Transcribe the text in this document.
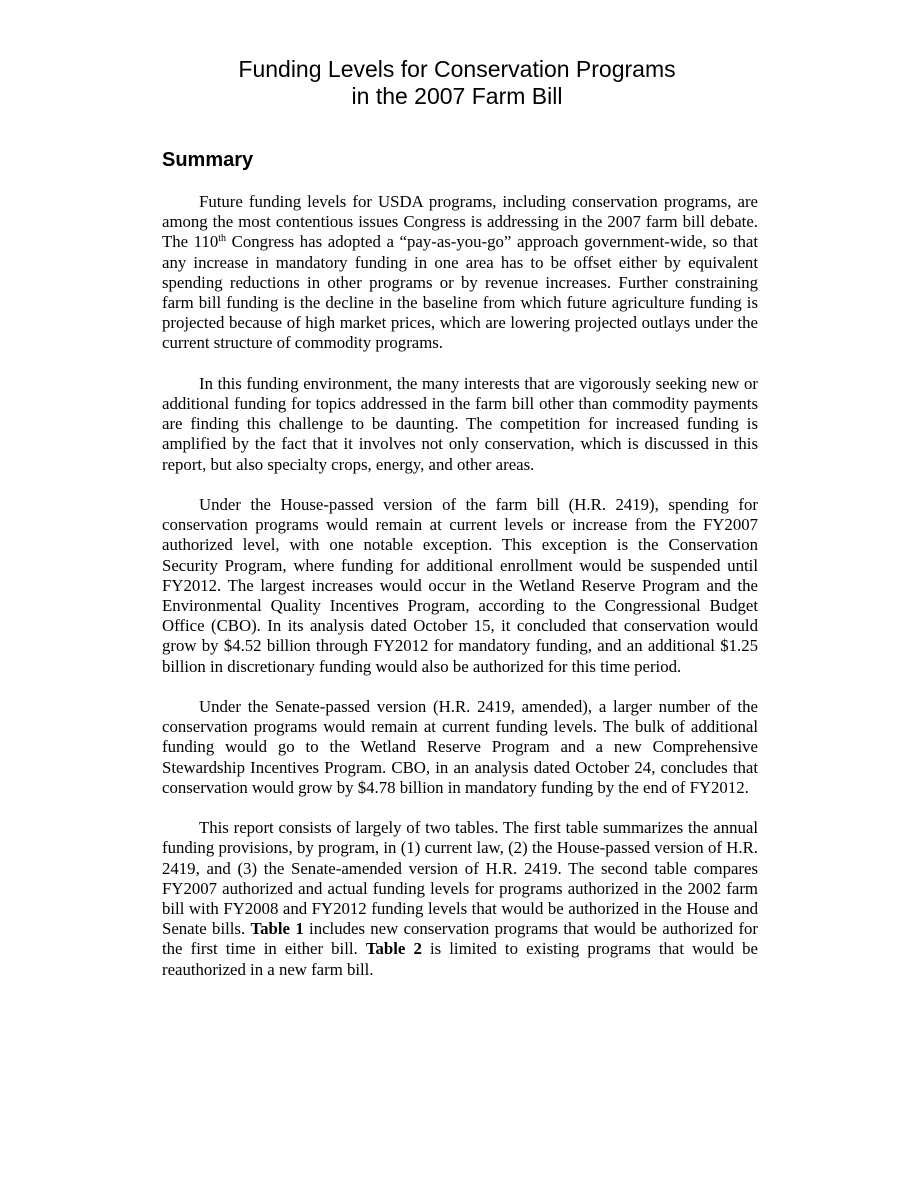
Funding Levels for Conservation Programs
in the 2007 Farm Bill
Summary

Future funding levels for USDA programs, including conservation programs, are among the most contentious issues Congress is addressing in the 2007 farm bill debate. The 110th Congress has adopted a “pay-as-you-go” approach government-wide, so that any increase in mandatory funding in one area has to be offset either by equivalent spending reductions in other programs or by revenue increases. Further constraining farm bill funding is the decline in the baseline from which future agriculture funding is projected because of high market prices, which are lowering projected outlays under the current structure of commodity programs.

In this funding environment, the many interests that are vigorously seeking new or additional funding for topics addressed in the farm bill other than commodity payments are finding this challenge to be daunting. The competition for increased funding is amplified by the fact that it involves not only conservation, which is discussed in this report, but also specialty crops, energy, and other areas.

Under the House-passed version of the farm bill (H.R. 2419), spending for conservation programs would remain at current levels or increase from the FY2007 authorized level, with one notable exception. This exception is the Conservation Security Program, where funding for additional enrollment would be suspended until FY2012. The largest increases would occur in the Wetland Reserve Program and the Environmental Quality Incentives Program, according to the Congressional Budget Office (CBO). In its analysis dated October 15, it concluded that conservation would grow by $4.52 billion through FY2012 for mandatory funding, and an additional $1.25 billion in discretionary funding would also be authorized for this time period.

Under the Senate-passed version (H.R. 2419, amended), a larger number of the conservation programs would remain at current funding levels. The bulk of additional funding would go to the Wetland Reserve Program and a new Comprehensive Stewardship Incentives Program. CBO, in an analysis dated October 24, concludes that conservation would grow by $4.78 billion in mandatory funding by the end of FY2012.

This report consists of largely of two tables. The first table summarizes the annual funding provisions, by program, in (1) current law, (2) the House-passed version of H.R. 2419, and (3) the Senate-amended version of H.R. 2419. The second table compares FY2007 authorized and actual funding levels for programs authorized in the 2002 farm bill with FY2008 and FY2012 funding levels that would be authorized in the House and Senate bills. Table 1 includes new conservation programs that would be authorized for the first time in either bill. Table 2 is limited to existing programs that would be reauthorized in a new farm bill.
